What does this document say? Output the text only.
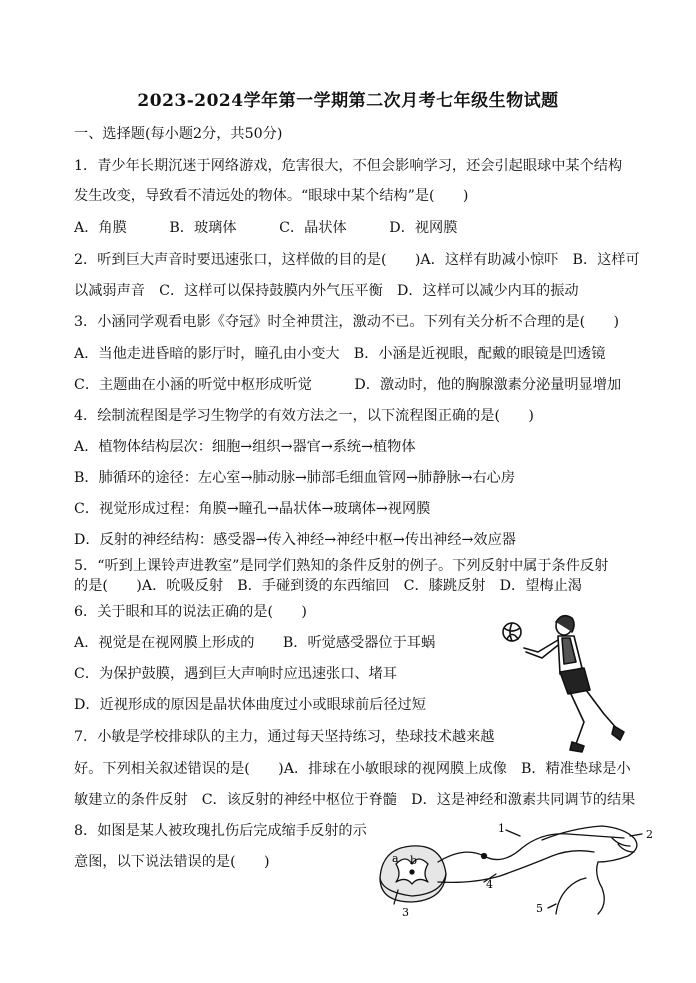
2023-2024学年第一学期第二次月考七年级生物试题
一、选择题(每小题2分，共50分)
1．青少年长期沉迷于网络游戏，危害很大，不但会影响学习，还会引起眼球中某个结构
发生改变，导致看不清远处的物体。“眼球中某个结构”是(　　)
A．角膜　　　B．玻璃体　　　C．晶状体　　　D．视网膜
2．听到巨大声音时要迅速张口，这样做的目的是(　　)A．这样有助减小惊吓　B．这样可
以减弱声音　C．这样可以保持鼓膜内外气压平衡　D．这样可以减少内耳的振动
3．小涵同学观看电影《夺冠》时全神贯注，激动不已。下列有关分析不合理的是(　　)
A．当他走进昏暗的影厅时，瞳孔由小变大　B．小涵是近视眼，配戴的眼镜是凹透镜
C．主题曲在小涵的听觉中枢形成听觉　　　D．激动时，他的胸腺激素分泌量明显增加
4．绘制流程图是学习生物学的有效方法之一，以下流程图正确的是(　　)
A．植物体结构层次：细胞→组织→器官→系统→植物体
B．肺循环的途径：左心室→肺动脉→肺部毛细血管网→肺静脉→右心房
C．视觉形成过程：角膜→瞳孔→晶状体→玻璃体→视网膜
D．反射的神经结构：感受器→传入神经→神经中枢→传出神经→效应器
5．“听到上课铃声进教室”是同学们熟知的条件反射的例子。下列反射中属于条件反射
的是(　　)A．吮吸反射　B．手碰到烫的东西缩回　C．膝跳反射　D．望梅止渴
6．关于眼和耳的说法正确的是(　　)
A．视觉是在视网膜上形成的　　B．听觉感受器位于耳蜗
C．为保护鼓膜，遇到巨大声响时应迅速张口、堵耳
D．近视形成的原因是晶状体曲度过小或眼球前后径过短
7．小敏是学校排球队的主力，通过每天坚持练习，垫球技术越来越
好。下列相关叙述错误的是(　　)A．排球在小敏眼球的视网膜上成像　B．精准垫球是小
敏建立的条件反射　C．该反射的神经中枢位于脊髓　D．这是神经和激素共同调节的结果
8．如图是某人被玫瑰扎伤后完成缩手反射的示
意图，以下说法错误的是(　　)
1	2
3
4
5
a b
